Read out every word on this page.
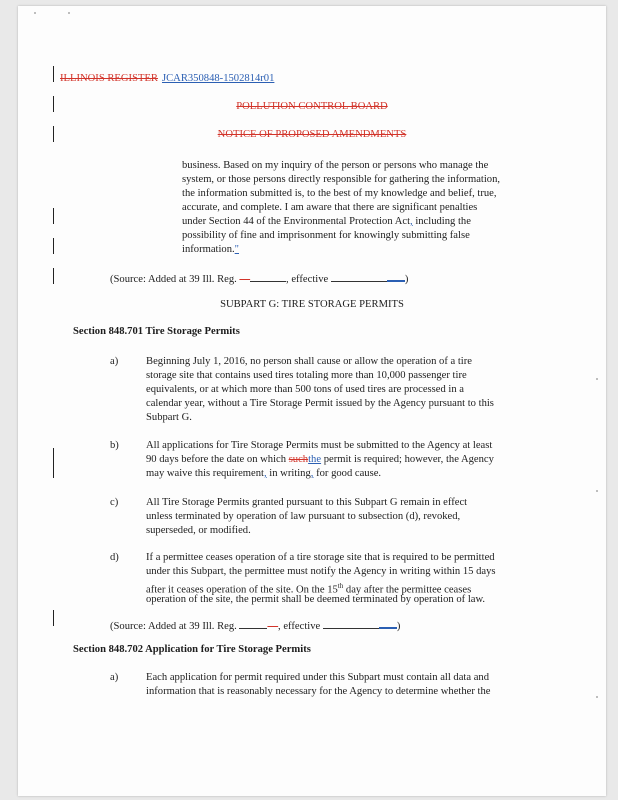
ILLINOIS REGISTER JCAR350848-1502814r01
POLLUTION CONTROL BOARD
NOTICE OF PROPOSED AMENDMENTS
business. Based on my inquiry of the person or persons who manage the
system, or those persons directly responsible for gathering the information,
the information submitted is, to the best of my knowledge and belief, true,
accurate, and complete. I am aware that there are significant penalties
under Section 44 of the Environmental Protection Act, including the
possibility of fine and imprisonment for knowingly submitting false
information."
(Source: Added at 39 Ill. Reg. —	, effective	)
SUBPART G: TIRE STORAGE PERMITS
Section 848.701 Tire Storage Permits
a)	Beginning July 1, 2016, no person shall cause or allow the operation of a tire
storage site that contains used tires totaling more than 10,000 passenger tire
equivalents, or at which more than 500 tons of used tires are processed in a
calendar year, without a Tire Storage Permit issued by the Agency pursuant to this
Subpart G.
b)	All applications for Tire Storage Permits must be submitted to the Agency at least
90 days before the date on which suchthe permit is required; however, the Agency
may waive this requirement, in writing, for good cause.
c)	All Tire Storage Permits granted pursuant to this Subpart G remain in effect
unless terminated by operation of law pursuant to subsection (d), revoked,
superseded, or modified.
d)	If a permittee ceases operation of a tire storage site that is required to be permitted
under this Subpart, the permittee must notify the Agency in writing within 15 days
after it ceases operation of the site. On the 15th day after the permittee ceases
operation of the site, the permit shall be deemed terminated by operation of law.
(Source: Added at 39 Ill. Reg.	—, effective	)
Section 848.702 Application for Tire Storage Permits
a)	Each application for permit required under this Subpart must contain all data and
information that is reasonably necessary for the Agency to determine whether the
